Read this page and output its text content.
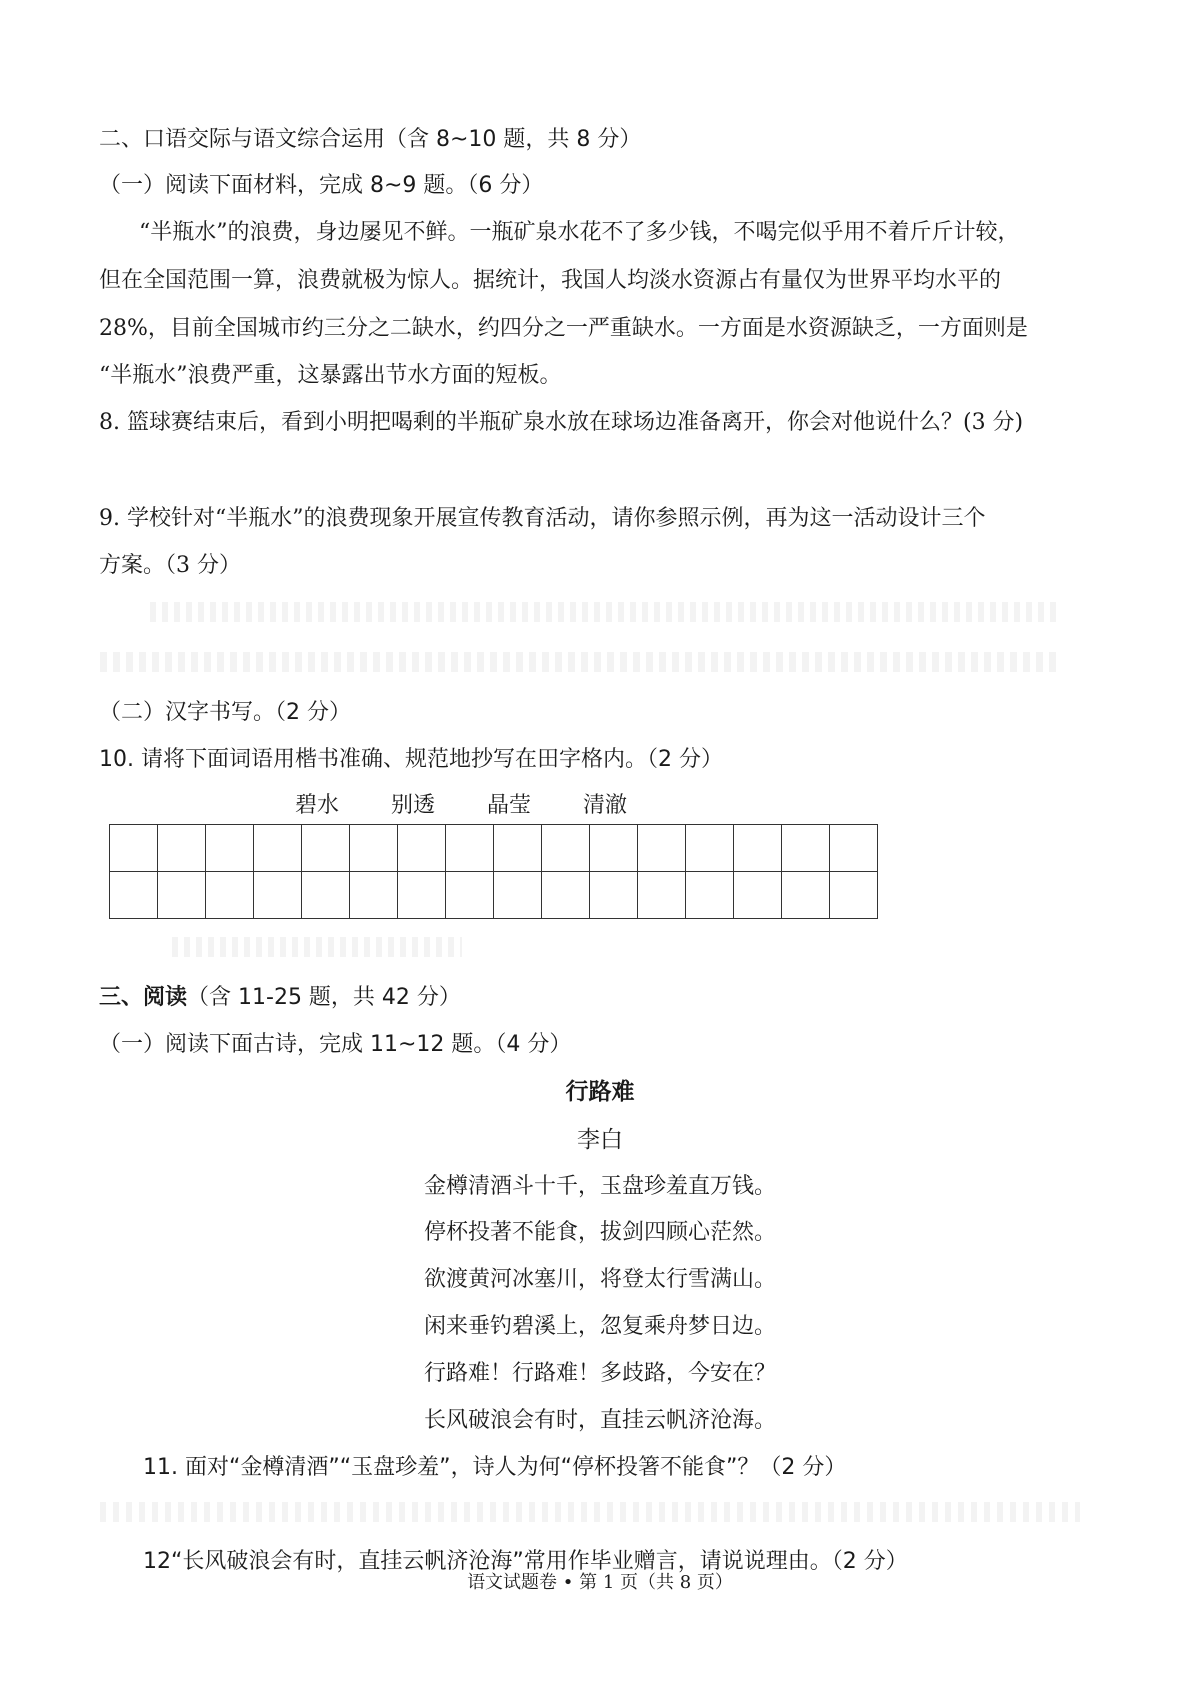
二、口语交际与语文综合运用（含 8~10 题，共 8 分）
（一）阅读下面材料，完成 8~9 题。（6 分）
“半瓶水”的浪费，身边屡见不鲜。一瓶矿泉水花不了多少钱，不喝完似乎用不着斤斤计较，
但在全国范围一算，浪费就极为惊人。据统计，我国人均淡水资源占有量仅为世界平均水平的
28%，目前全国城市约三分之二缺水，约四分之一严重缺水。一方面是水资源缺乏，一方面则是
“半瓶水”浪费严重，这暴露出节水方面的短板。
8. 篮球赛结束后，看到小明把喝剩的半瓶矿泉水放在球场边准备离开，你会对他说什么？(3 分)
9. 学校针对“半瓶水”的浪费现象开展宣传教育活动，请你参照示例，再为这一活动设计三个
方案。（3 分）
（二）汉字书写。（2 分）
10. 请将下面词语用楷书准确、规范地抄写在田字格内。（2 分）
碧水 别透 晶莹 清澈

三、阅读（含 11-25 题，共 42 分）
（一）阅读下面古诗，完成 11~12 题。（4 分）
行路难
李白
金樽清酒斗十千，玉盘珍羞直万钱。
停杯投著不能食，拔剑四顾心茫然。
欲渡黄河冰塞川，将登太行雪满山。
闲来垂钓碧溪上，忽复乘舟梦日边。
行路难！行路难！多歧路，今安在？
长风破浪会有时，直挂云帆济沧海。
11. 面对“金樽清酒”“玉盘珍羞”，诗人为何“停杯投箸不能食”？（2 分）
12“长风破浪会有时，直挂云帆济沧海”常用作毕业赠言，请说说理由。（2 分）
语文试题卷 • 第 1 页（共 8 页）
